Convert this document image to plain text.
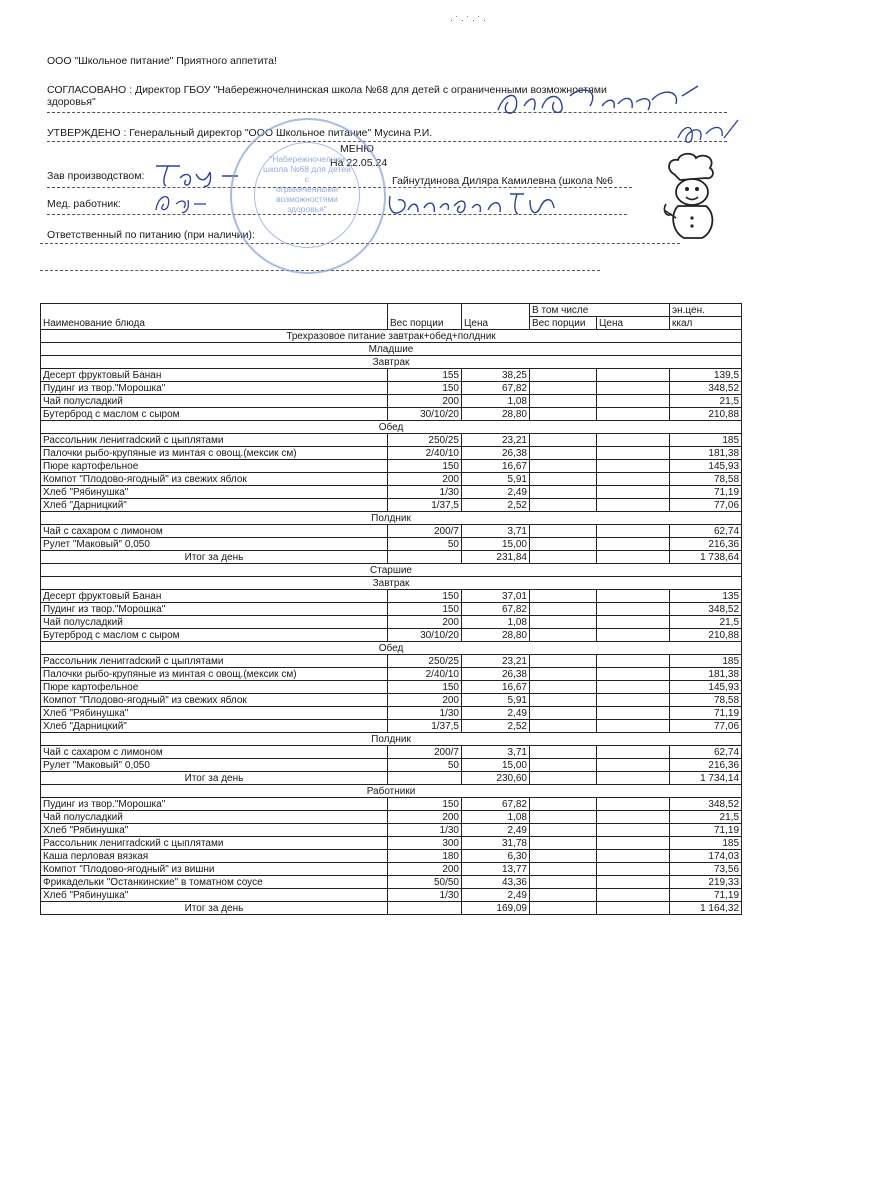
ООО "Школьное питание" Приятного аппетита!
СОГЛАСОВАНО : Директор ГБОУ "Набережночелнинская школа №68 для детей с ограниченными возможностями
здоровья"
УТВЕРЖДЕНО : Генеральный директор "ООО Школьное питание" Мусина Р.И.
МЕНЮ
На 22.05.24
Зав производством:	Гайнутдинова Диляра Камилевна (школа №6
Мед. работник:
Ответственный по питанию (при наличии):
"Набережночелнин
школа №68 для детей с
ограниченными
возможностями
здоровья"
Наименование блюда	Вес порции	Цена	В том числе		эн.цен.
			Вес порции	Цена	ккал
Трехразовое питание завтрак+обед+полдник					
Младшие					
Завтрак					
Десерт фруктовый Банан	155	38,25			139,5
Пудинг из твор."Морошка"	150	67,82			348,52
Чай полусладкий	200	1,08			21,5
Бутерброд с маслом с сыром	30/10/20	28,80			210,88
Обед					
Рассольник ленигradский с цыплятами	250/25	23,21			185
Палочки рыбо-крупяные из минтая с овощ.(мексик см)	2/40/10	26,38			181,38
Пюре картофельное	150	16,67			145,93
Компот "Плодово-ягодный" из свежих яблок	200	5,91			78,58
Хлеб "Рябинушка"	1/30	2,49			71,19
Хлеб "Дарницкий"	1/37,5	2,52			77,06
Полдник					
Чай с сахаром с лимоном	200/7	3,71			62,74
Рулет "Маковый" 0,050	50	15,00			216,36
Итог за день		231,84			1 738,64
Старшие					
Завтрак					
Десерт фруктовый Банан	150	37,01			135
Пудинг из твор."Морошка"	150	67,82			348,52
Чай полусладкий	200	1,08			21,5
Бутерброд с маслом с сыром	30/10/20	28,80			210,88
Обед					
Рассольник ленигradский с цыплятами	250/25	23,21			185
Палочки рыбо-крупяные из минтая с овощ.(мексик см)	2/40/10	26,38			181,38
Пюре картофельное	150	16,67			145,93
Компот "Плодово-ягодный" из свежих яблок	200	5,91			78,58
Хлеб "Рябинушка"	1/30	2,49			71,19
Хлеб "Дарницкий"	1/37,5	2,52			77,06
Полдник					
Чай с сахаром с лимоном	200/7	3,71			62,74
Рулет "Маковый" 0,050	50	15,00			216,36
Итог за день		230,60			1 734,14
Работники					
Пудинг из твор."Морошка"	150	67,82			348,52
Чай полусладкий	200	1,08			21,5
Хлеб "Рябинушка"	1/30	2,49			71,19
Рассольник ленигradский с цыплятами	300	31,78			185
Каша перловая вязкая	180	6,30			174,03
Компот "Плодово-ягодный" из вишни	200	13,77			73,56
Фрикадельки "Останкинские" в томатном соусе	50/50	43,36			219,33
Хлеб "Рябинушка"	1/30	2,49			71,19
Итог за день		169,09			1 164,32
· ˙ · ˙ · ˙ ·
